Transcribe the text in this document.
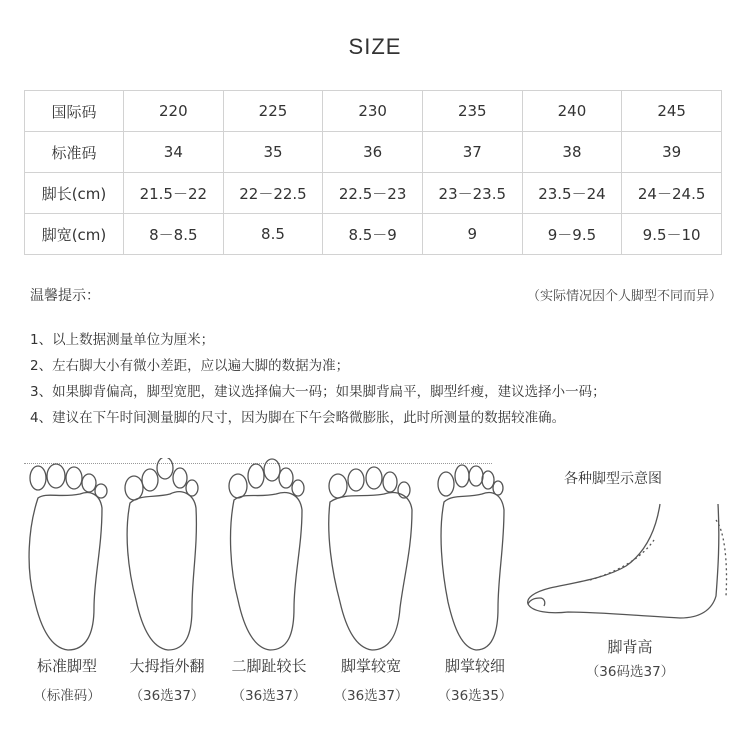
SIZE
国际码	220	225	230	235	240	245
标准码	34	35	36	37	38	39
脚长(cm)	21.5－22	22－22.5	22.5－23	23－23.5	23.5－24	24－24.5
脚宽(cm)	8－8.5	8.5	8.5－9	9	9－9.5	9.5－10
温馨提示：	（实际情况因个人脚型不同而异）
1、以上数据测量单位为厘米；
2、左右脚大小有微小差距，应以遍大脚的数据为准；
3、如果脚背偏高，脚型宽肥，建议选择偏大一码；如果脚背扁平，脚型纤瘦，建议选择小一码；
4、建议在下午时间测量脚的尺寸，因为脚在下午会略微膨胀，此时所测量的数据较准确。
标准脚型
（标准码）
大拇指外翻
（36选37）
二脚趾较长
（36选37）
脚掌较宽
（36选37）
脚掌较细
（36选35）
各种脚型示意图
脚背高
（36码选37）
